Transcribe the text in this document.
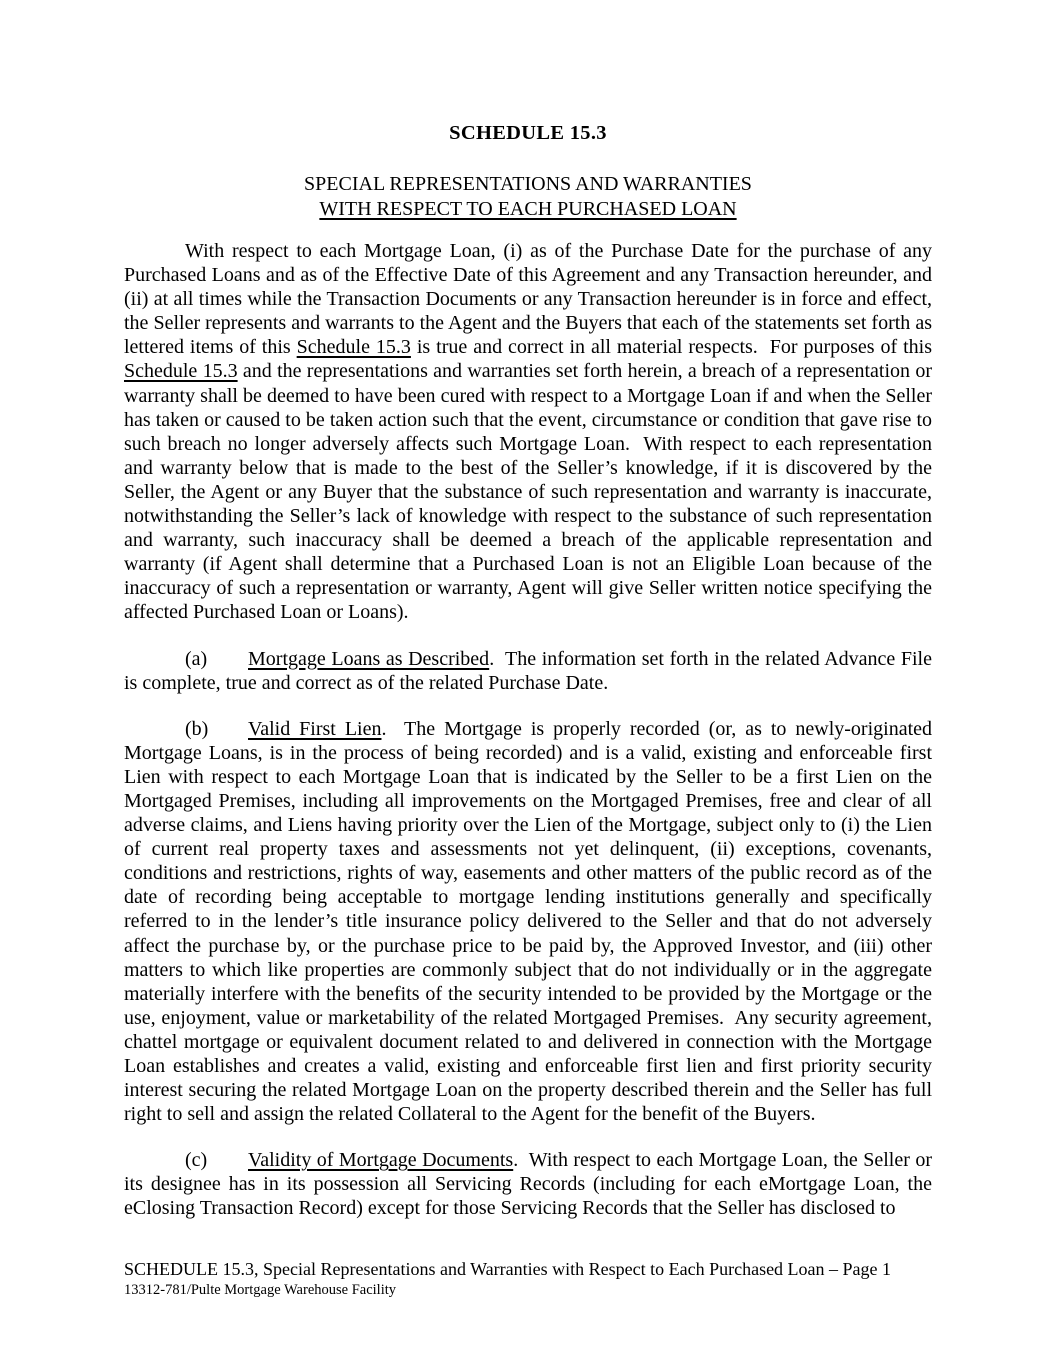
SCHEDULE 15.3
SPECIAL REPRESENTATIONS AND WARRANTIES
WITH RESPECT TO EACH PURCHASED LOAN

With respect to each Mortgage Loan, (i) as of the Purchase Date for the purchase of any Purchased Loans and as of the Effective Date of this Agreement and any Transaction hereunder, and (ii) at all times while the Transaction Documents or any Transaction hereunder is in force and effect, the Seller represents and warrants to the Agent and the Buyers that each of the statements set forth as lettered items of this Schedule 15.3 is true and correct in all material respects.  For purposes of this Schedule 15.3 and the representations and warranties set forth herein, a breach of a representation or warranty shall be deemed to have been cured with respect to a Mortgage Loan if and when the Seller has taken or caused to be taken action such that the event, circumstance or condition that gave rise to such breach no longer adversely affects such Mortgage Loan.  With respect to each representation and warranty below that is made to the best of the Seller’s knowledge, if it is discovered by the Seller, the Agent or any Buyer that the substance of such representation and warranty is inaccurate, notwithstanding the Seller’s lack of knowledge with respect to the substance of such representation and warranty, such inaccuracy shall be deemed a breach of the applicable representation and warranty (if Agent shall determine that a Purchased Loan is not an Eligible Loan because of the inaccuracy of such a representation or warranty, Agent will give Seller written notice specifying the affected Purchased Loan or Loans).

(a) Mortgage Loans as Described.  The information set forth in the related Advance File is complete, true and correct as of the related Purchase Date.

(b) Valid First Lien.  The Mortgage is properly recorded (or, as to newly-originated Mortgage Loans, is in the process of being recorded) and is a valid, existing and enforceable first Lien with respect to each Mortgage Loan that is indicated by the Seller to be a first Lien on the Mortgaged Premises, including all improvements on the Mortgaged Premises, free and clear of all adverse claims, and Liens having priority over the Lien of the Mortgage, subject only to (i) the Lien of current real property taxes and assessments not yet delinquent, (ii) exceptions, covenants, conditions and restrictions, rights of way, easements and other matters of the public record as of the date of recording being acceptable to mortgage lending institutions generally and specifically referred to in the lender’s title insurance policy delivered to the Seller and that do not adversely affect the purchase by, or the purchase price to be paid by, the Approved Investor, and (iii) other matters to which like properties are commonly subject that do not individually or in the aggregate materially interfere with the benefits of the security intended to be provided by the Mortgage or the use, enjoyment, value or marketability of the related Mortgaged Premises.  Any security agreement, chattel mortgage or equivalent document related to and delivered in connection with the Mortgage Loan establishes and creates a valid, existing and enforceable first lien and first priority security interest securing the related Mortgage Loan on the property described therein and the Seller has full right to sell and assign the related Collateral to the Agent for the benefit of the Buyers.

(c) Validity of Mortgage Documents.  With respect to each Mortgage Loan, the Seller or its designee has in its possession all Servicing Records (including for each eMortgage Loan, the eClosing Transaction Record) except for those Servicing Records that the Seller has disclosed to

SCHEDULE 15.3, Special Representations and Warranties with Respect to Each Purchased Loan – Page 1
13312-781/Pulte Mortgage Warehouse Facility
